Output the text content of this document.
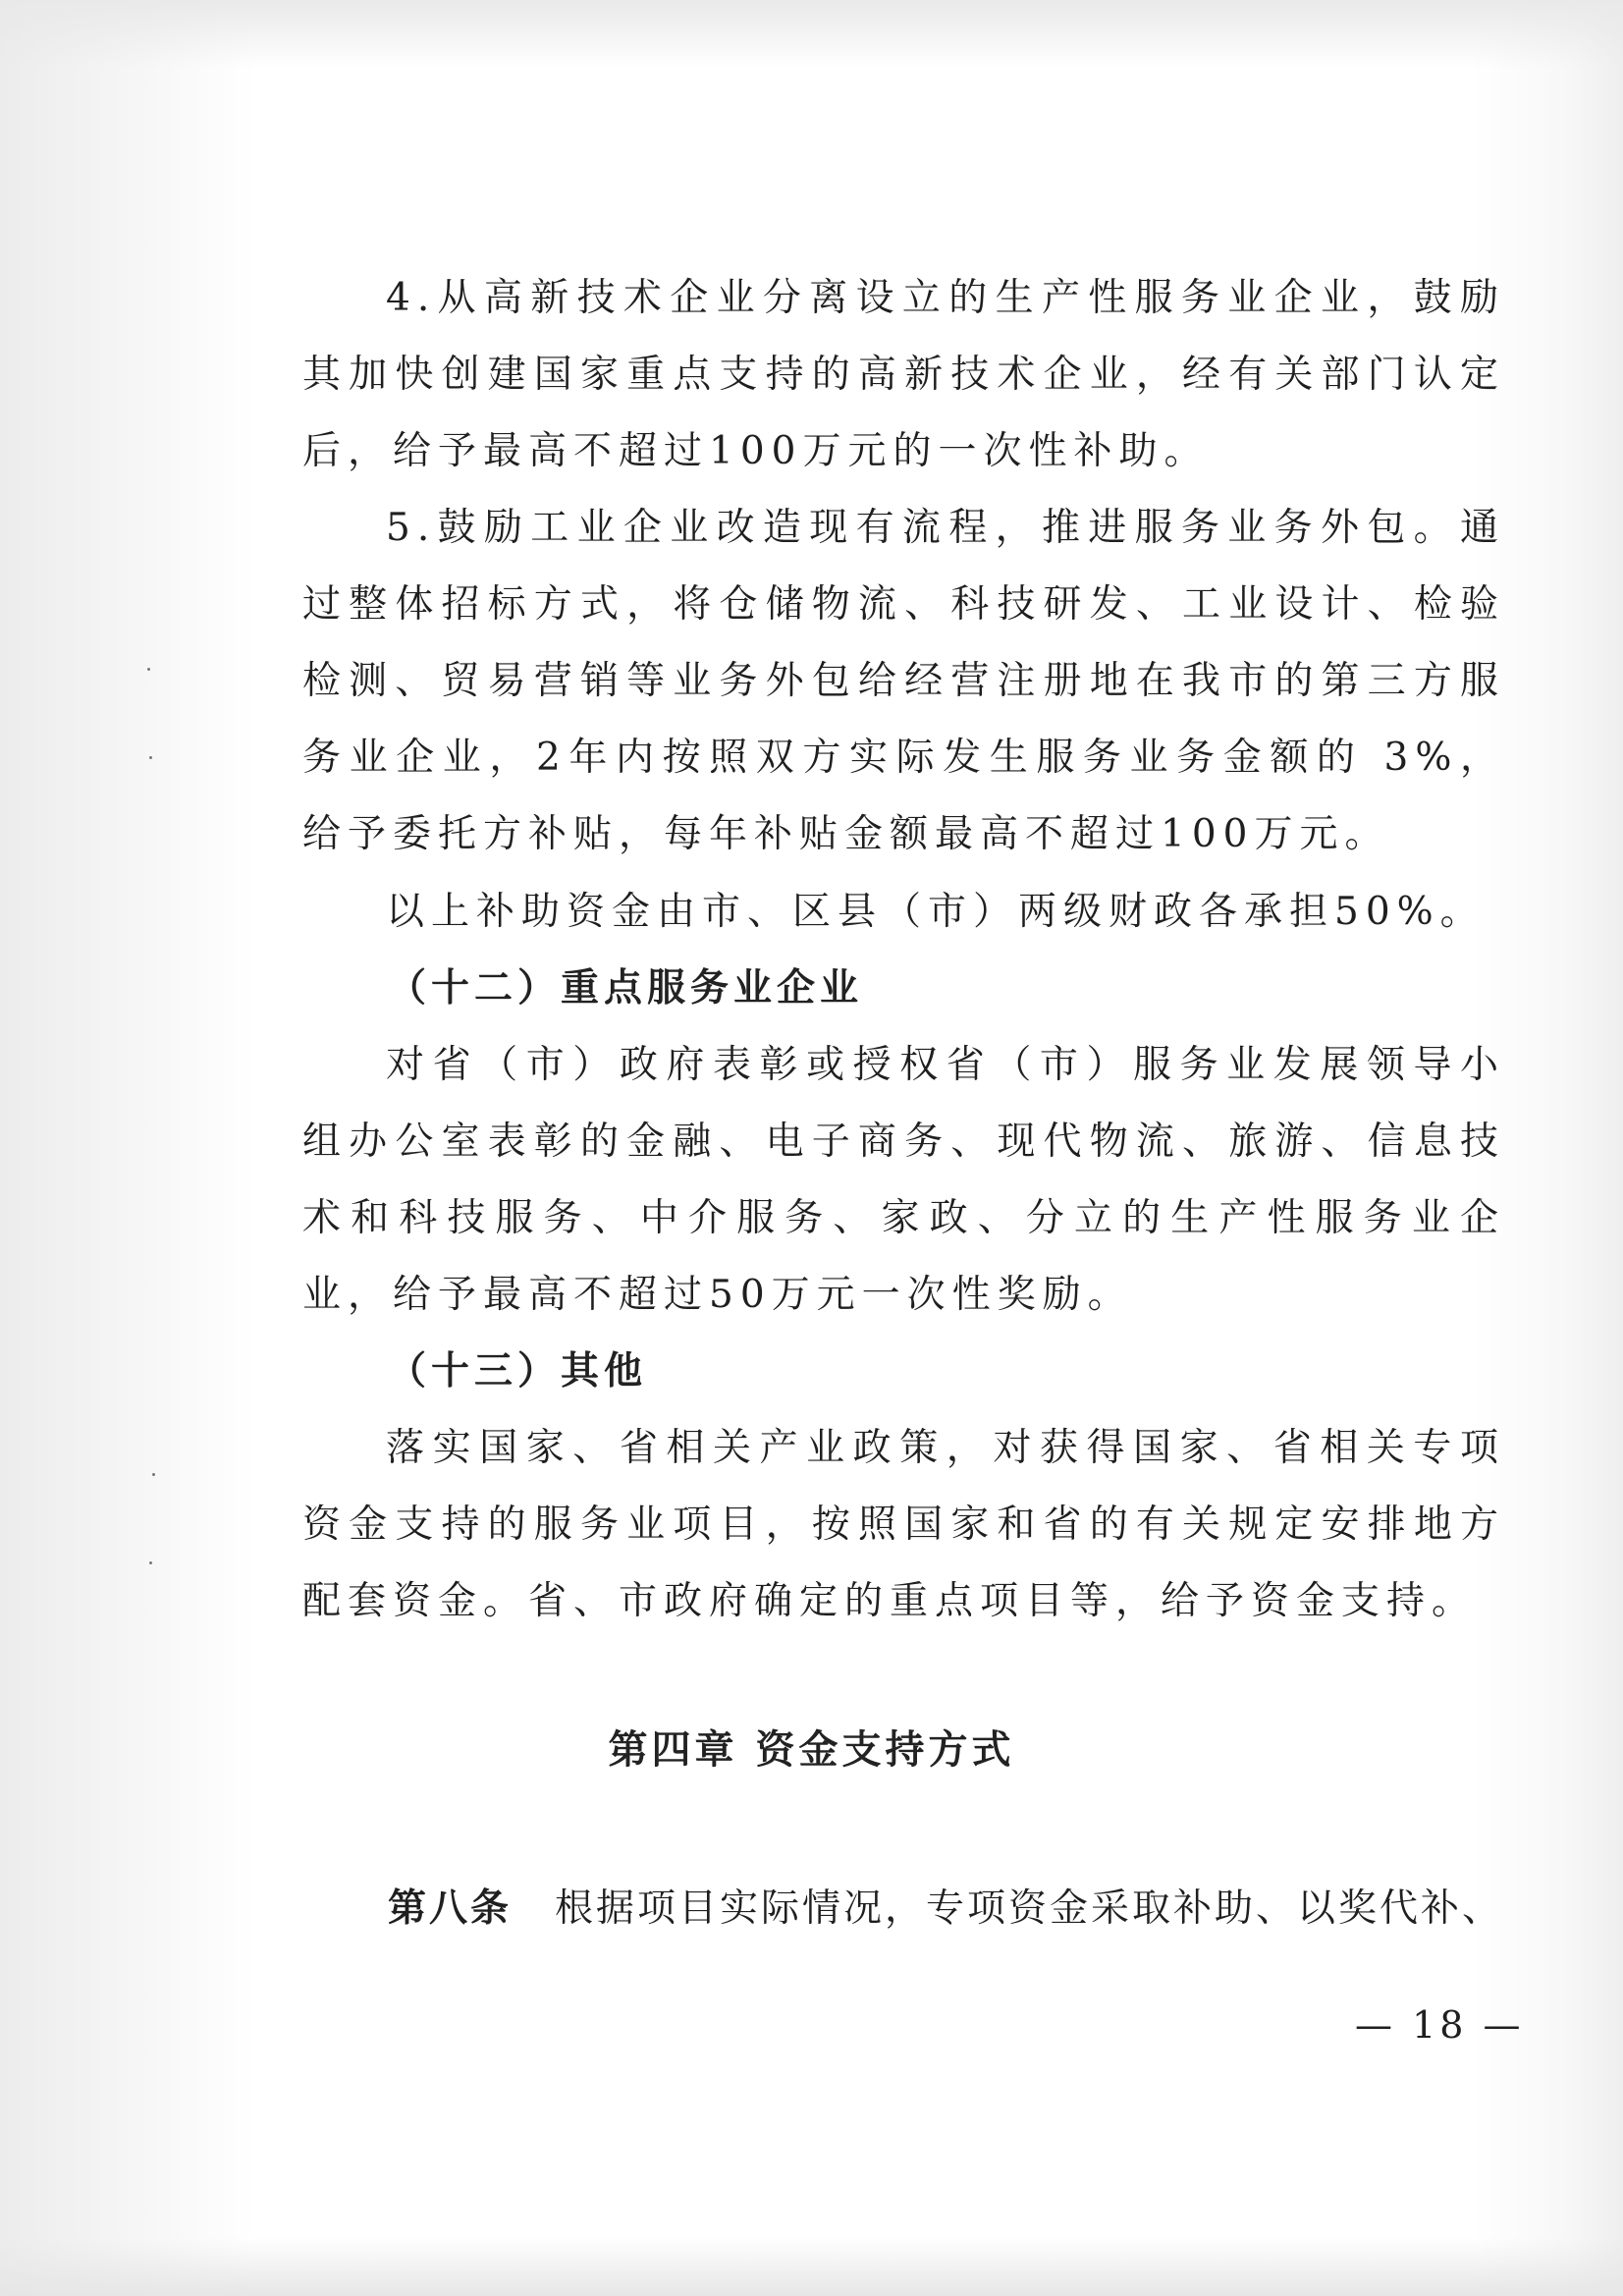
4.从高新技术企业分离设立的生产性服务业企业，鼓励其加快创建国家重点支持的高新技术企业，经有关部门认定后，给予最高不超过100万元的一次性补助。

5.鼓励工业企业改造现有流程，推进服务业务外包。通过整体招标方式，将仓储物流、科技研发、工业设计、检验检测、贸易营销等业务外包给经营注册地在我市的第三方服务业企业，2年内按照双方实际发生服务业务金额的 3%，给予委托方补贴，每年补贴金额最高不超过100万元。

以上补助资金由市、区县（市）两级财政各承担50%。

（十二）重点服务业企业

对省（市）政府表彰或授权省（市）服务业发展领导小组办公室表彰的金融、电子商务、现代物流、旅游、信息技术和科技服务、中介服务、家政、分立的生产性服务业企业，给予最高不超过50万元一次性奖励。

（十三）其他

落实国家、省相关产业政策，对获得国家、省相关专项资金支持的服务业项目，按照国家和省的有关规定安排地方配套资金。省、市政府确定的重点项目等，给予资金支持。

第四章 资金支持方式

第八条 根据项目实际情况，专项资金采取补助、以奖代补、

— 18 —
